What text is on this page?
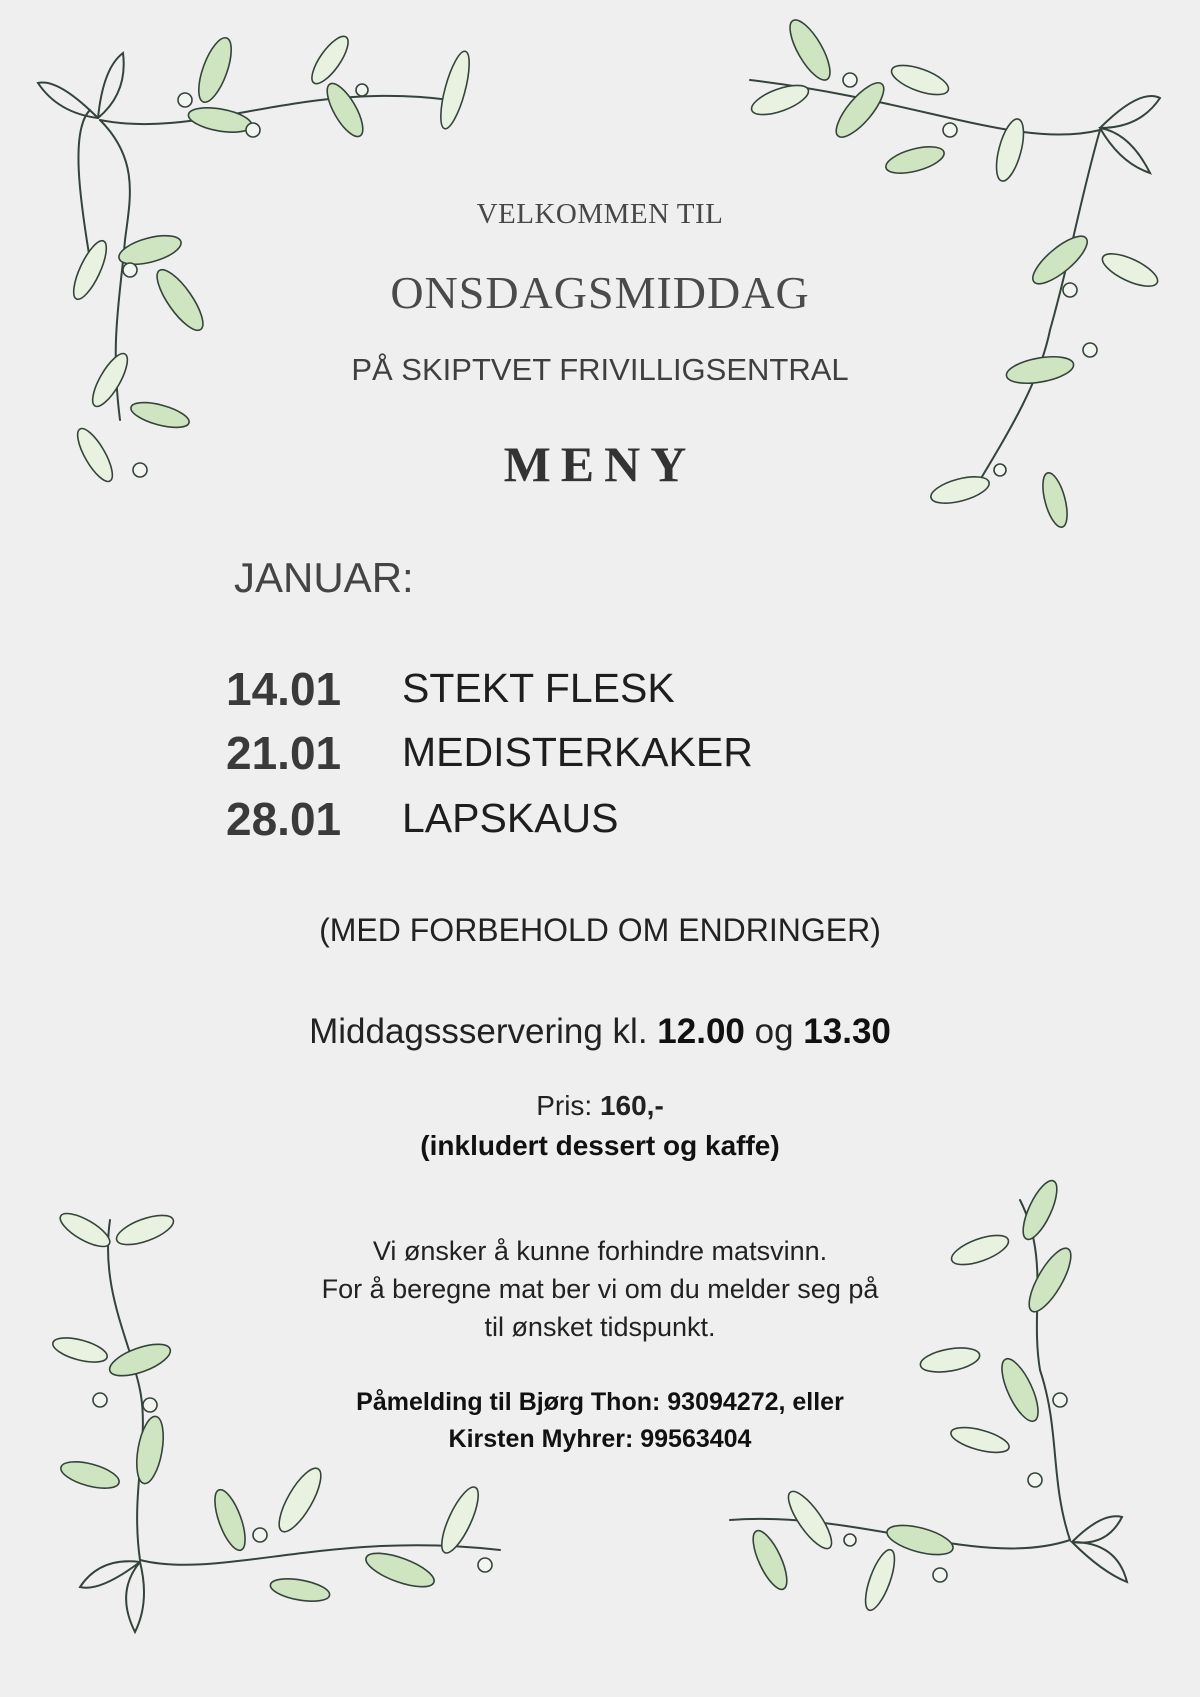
VELKOMMEN TIL
ONSDAGSMIDDAG
PÅ SKIPTVET FRIVILLIGSENTRAL
MENY
JANUAR:
14.01	STEKT FLESK
21.01	MEDISTERKAKER
28.01	LAPSKAUS
(MED FORBEHOLD OM ENDRINGER)
Middagssservering kl. 12.00 og 13.30
Pris: 160,-
(inkludert dessert og kaffe)
Vi ønsker å kunne forhindre matsvinn.
For å beregne mat ber vi om du melder seg på
til ønsket tidspunkt.
Påmelding til Bjørg Thon: 93094272, eller
Kirsten Myhrer: 99563404
